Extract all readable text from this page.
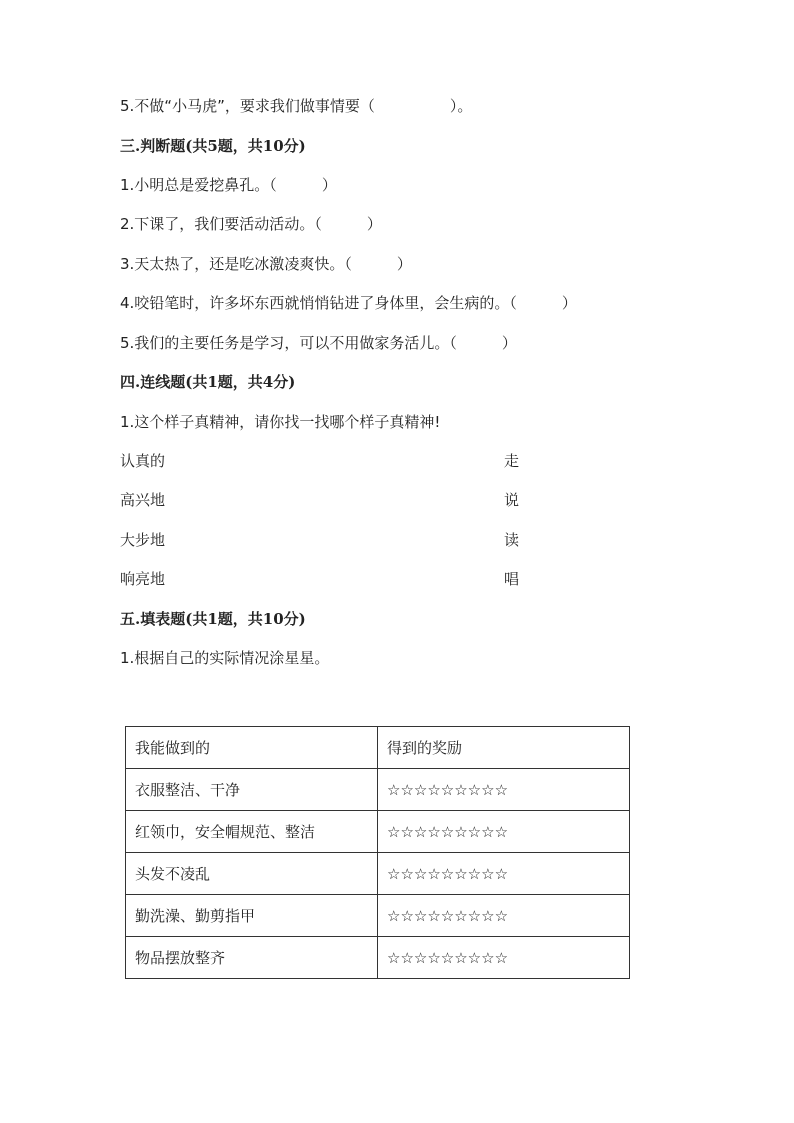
5.不做“小马虎”，要求我们做事情要（　　　　　）。
三.判断题(共5题，共10分)
1.小明总是爱挖鼻孔。（　　　）
2.下课了，我们要活动活动。（　　　）
3.天太热了，还是吃冰激凌爽快。（　　　）
4.咬铅笔时，许多坏东西就悄悄钻进了身体里，会生病的。（　　　）
5.我们的主要任务是学习，可以不用做家务活儿。（　　　）
四.连线题(共1题，共4分)
1.这个样子真精神，请你找一找哪个样子真精神!
认真的	走
高兴地	说
大步地	读
响亮地	唱
五.填表题(共1题，共10分)
1.根据自己的实际情况涂星星。
我能做到的	得到的奖励
衣服整洁、干净	☆☆☆☆☆☆☆☆☆
红领巾，安全帽规范、整洁	☆☆☆☆☆☆☆☆☆
头发不凌乱	☆☆☆☆☆☆☆☆☆
勤洗澡、勤剪指甲	☆☆☆☆☆☆☆☆☆
物品摆放整齐	☆☆☆☆☆☆☆☆☆
